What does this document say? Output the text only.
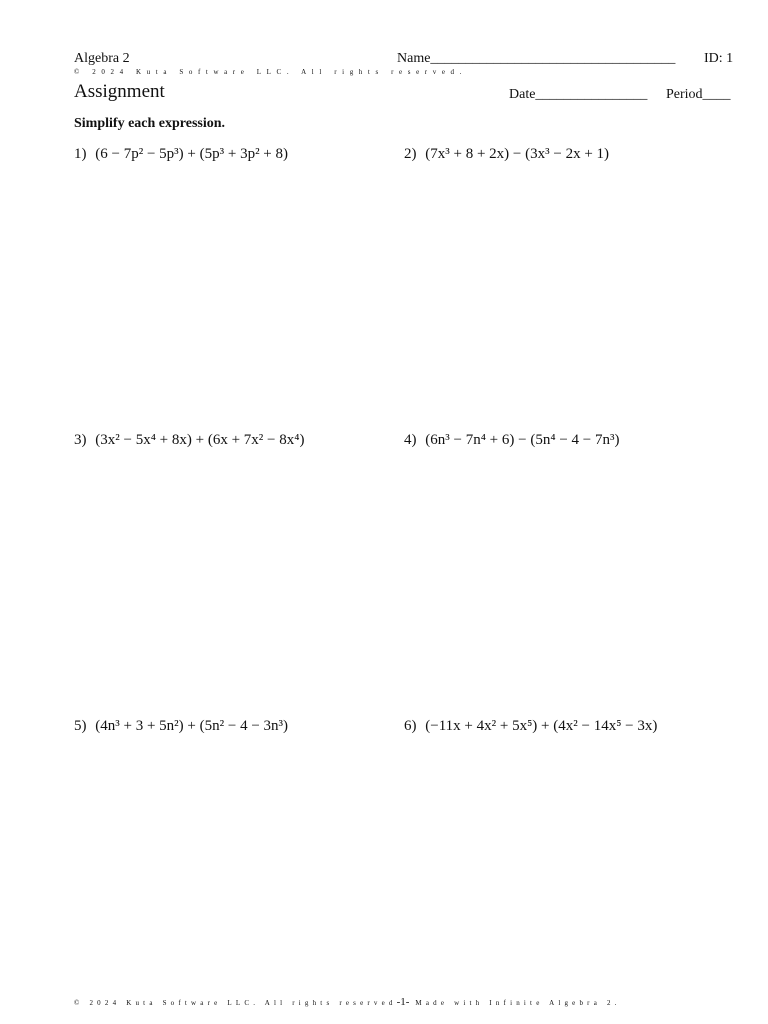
Algebra 2	Name___________________________________ ID: 1
© 2024 Kuta Software LLC. All rights reserved.
Assignment	Date________________ Period____
Simplify each expression.
1) (6 − 7p² − 5p³) + (5p³ + 3p² + 8)	2) (7x³ + 8 + 2x) − (3x³ − 2x + 1)
3) (3x² − 5x⁴ + 8x) + (6x + 7x² − 8x⁴)	4) (6n³ − 7n⁴ + 6) − (5n⁴ − 4 − 7n³)
5) (4n³ + 3 + 5n²) + (5n² − 4 − 3n³)	6) (−11x + 4x² + 5x⁵) + (4x² − 14x⁵ − 3x)
© 2024 Kuta Software LLC. All rights reserved-1- Made with Infinite Algebra 2.
